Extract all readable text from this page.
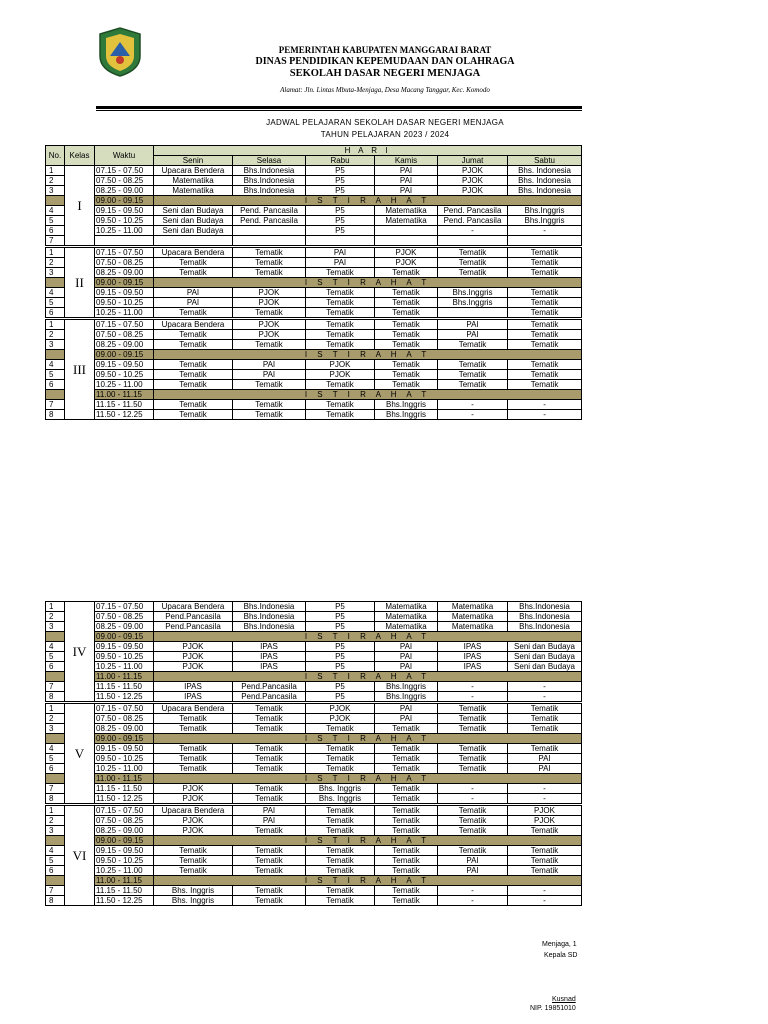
PEMERINTAH KABUPATEN MANGGARAI BARAT
DINAS PENDIDIKAN KEPEMUDAAN DAN OLAHRAGA
SEKOLAH DASAR NEGERI MENJAGA
Alamat: Jln. Lintas Mbuta-Menjaga, Desa Macang Tanggar, Kec. Komodo
JADWAL PELAJARAN SEKOLAH DASAR NEGERI MENJAGA
TAHUN PELAJARAN 2023 / 2024
No.	Kelas	Waktu	H A R I					
			Senin	Selasa	Rabu	Kamis	Jumat	Sabtu
1	I	07.15 - 07.50	Upacara Bendera	Bhs.Indonesia	P5	PAI	PJOK	Bhs. Indonesia
2		07.50 - 08.25	Matematika	Bhs.Indonesia	P5	PAI	PJOK	Bhs. Indonesia
3		08.25 - 09.00	Matematika	Bhs.Indonesia	P5	PAI	PJOK	Bhs. Indonesia
		09.00 - 09.15	I S T I R A H A T					
4		09.15 - 09.50	Seni dan Budaya	Pend. Pancasila	P5	Matematika	Pend. Pancasila	Bhs.Inggris
5		09.50 - 10.25	Seni dan Budaya	Pend. Pancasila	P5	Matematika	Pend. Pancasila	Bhs.Inggris
6		10.25 - 11.00	Seni dan Budaya		P5		-	-
7								
1	II	07.15 - 07.50	Upacara Bendera	Tematik	PAI	PJOK	Tematik	Tematik
2		07.50 - 08.25	Tematik	Tematik	PAI	PJOK	Tematik	Tematik
3		08.25 - 09.00	Tematik	Tematik	Tematik	Tematik	Tematik	Tematik
		09.00 - 09.15	I S T I R A H A T					
4		09.15 - 09.50	PAI	PJOK	Tematik	Tematik	Bhs.Inggris	Tematik
5		09.50 - 10.25	PAI	PJOK	Tematik	Tematik	Bhs.Inggris	Tematik
6		10.25 - 11.00	Tematik	Tematik	Tematik	Tematik		Tematik
1	III	07.15 - 07.50	Upacara Bendera	PJOK	Tematik	Tematik	PAI	Tematik
2		07.50 - 08.25	Tematik	PJOK	Tematik	Tematik	PAI	Tematik
3		08.25 - 09.00	Tematik	Tematik	Tematik	Tematik	Tematik	Tematik
		09.00 - 09.15	I S T I R A H A T					
4		09.15 - 09.50	Tematik	PAI	PJOK	Tematik	Tematik	Tematik
5		09.50 - 10.25	Tematik	PAI	PJOK	Tematik	Tematik	Tematik
6		10.25 - 11.00	Tematik	Tematik	Tematik	Tematik	Tematik	Tematik
		11.00 - 11.15	I S T I R A H A T					
7		11.15 - 11.50	Tematik	Tematik	Tematik	Bhs.Inggris	-	-
8		11.50 - 12.25	Tematik	Tematik	Tematik	Bhs.Inggris	-	-
1	IV	07.15 - 07.50	Upacara Bendera	Bhs.Indonesia	P5	Matematika	Matematika	Bhs.Indonesia
2		07.50 - 08.25	Pend.Pancasila	Bhs.Indonesia	P5	Matematika	Matematika	Bhs.Indonesia
3		08.25 - 09.00	Pend.Pancasila	Bhs.Indonesia	P5	Matematika	Matematika	Bhs.Indonesia
		09.00 - 09.15	I S T I R A H A T					
4		09.15 - 09.50	PJOK	IPAS	P5	PAI	IPAS	Seni dan Budaya
5		09.50 - 10.25	PJOK	IPAS	P5	PAI	IPAS	Seni dan Budaya
6		10.25 - 11.00	PJOK	IPAS	P5	PAI	IPAS	Seni dan Budaya
		11.00 - 11.15	I S T I R A H A T					
7		11.15 - 11.50	IPAS	Pend.Pancasila	P5	Bhs.Inggris	-	-
8		11.50 - 12.25	IPAS	Pend.Pancasila	P5	Bhs.Inggris	-	-
1	V	07.15 - 07.50	Upacara Bendera	Tematik	PJOK	PAI	Tematik	Tematik
2		07.50 - 08.25	Tematik	Tematik	PJOK	PAI	Tematik	Tematik
3		08.25 - 09.00	Tematik	Tematik	Tematik	Tematik	Tematik	Tematik
		09.00 - 09.15	I S T I R A H A T					
4		09.15 - 09.50	Tematik	Tematik	Tematik	Tematik	Tematik	Tematik
5		09.50 - 10.25	Tematik	Tematik	Tematik	Tematik	Tematik	PAI
6		10.25 - 11.00	Tematik	Tematik	Tematik	Tematik	Tematik	PAI
		11.00 - 11.15	I S T I R A H A T					
7		11.15 - 11.50	PJOK	Tematik	Bhs. Inggris	Tematik	-	-
8		11.50 - 12.25	PJOK	Tematik	Bhs. Inggris	Tematik	-	-
1	VI	07.15 - 07.50	Upacara Bendera	PAI	Tematik	Tematik	Tematik	PJOK
2		07.50 - 08.25	PJOK	PAI	Tematik	Tematik	Tematik	PJOK
3		08.25 - 09.00	PJOK	Tematik	Tematik	Tematik	Tematik	Tematik
		09.00 - 09.15	I S T I R A H A T					
4		09.15 - 09.50	Tematik	Tematik	Tematik	Tematik	Tematik	Tematik
5		09.50 - 10.25	Tematik	Tematik	Tematik	Tematik	PAI	Tematik
6		10.25 - 11.00	Tematik	Tematik	Tematik	Tematik	PAI	Tematik
		11.00 - 11.15	I S T I R A H A T					
7		11.15 - 11.50	Bhs. Inggris	Tematik	Tematik	Tematik	-	-
8		11.50 - 12.25	Bhs. Inggris	Tematik	Tematik	Tematik	-	-
Menjaga, 1
Kepala SD
Kusnad
NIP. 19851010
